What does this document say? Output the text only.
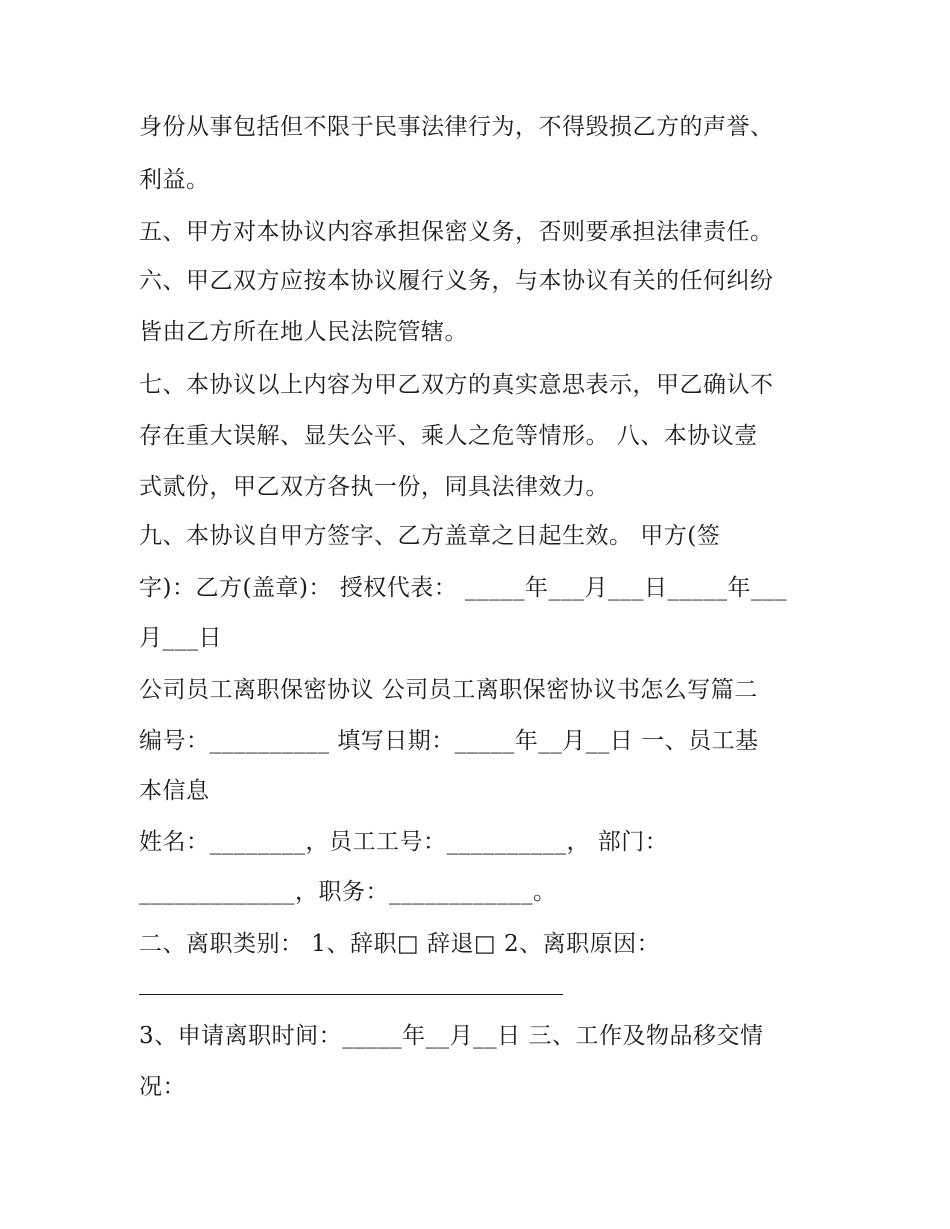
身份从事包括但不限于民事法律行为，不得毁损乙方的声誉、
利益。
五、甲方对本协议内容承担保密义务，否则要承担法律责任。
六、甲乙双方应按本协议履行义务，与本协议有关的任何纠纷
皆由乙方所在地人民法院管辖。
七、本协议以上内容为甲乙双方的真实意思表示，甲乙确认不
存在重大误解、显失公平、乘人之危等情形。 八、本协议壹
式贰份，甲乙双方各执一份，同具法律效力。
九、本协议自甲方签字、乙方盖章之日起生效。 甲方(签
字)：乙方(盖章)： 授权代表： _____年___月___日_____年___
月___日
公司员工离职保密协议 公司员工离职保密协议书怎么写篇二
编号：__________ 填写日期：_____年__月__日 一、员工基
本信息
姓名：________，员工工号：__________， 部门：
_____________，职务：____________。
二、离职类别： 1、辞职□ 辞退□ 2、离职原因：
3、申请离职时间：_____年__月__日 三、工作及物品移交情
况：
